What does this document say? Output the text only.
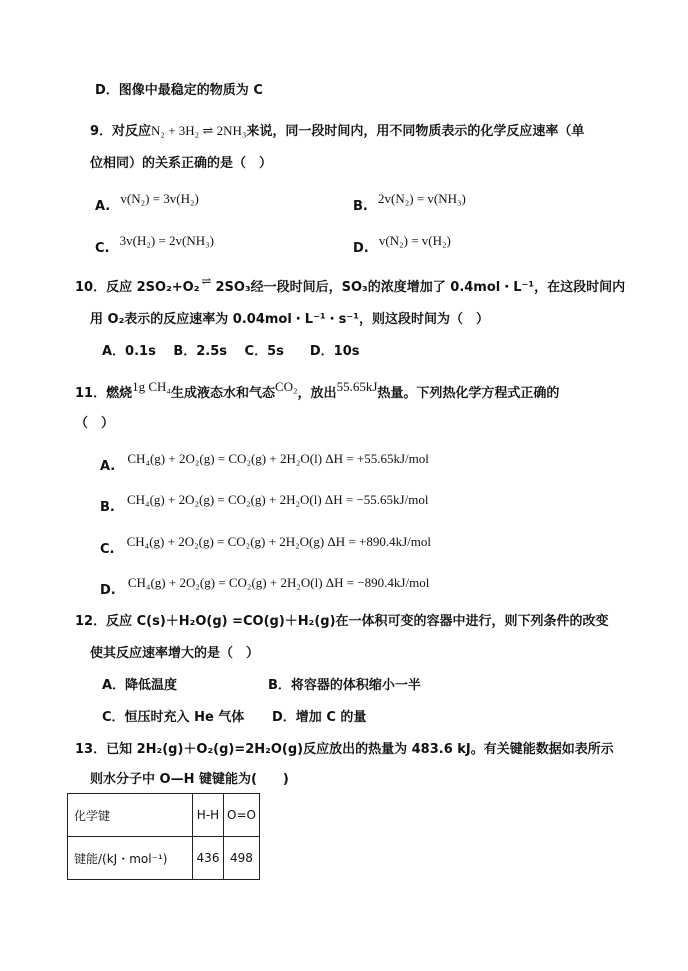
D．图像中最稳定的物质为 C
9．对反应N₂ + 3H₂ ⇌ 2NH₃来说，同一段时间内，用不同物质表示的化学反应速率（单
位相同）的关系正确的是（　）
A. v(N₂) = 3v(H₂)
B. 2v(N₂) = v(NH₃)
C. 3v(H₂) = 2v(NH₃)
D. v(N₂) = v(H₂)
10．反应 2SO₂+O₂ ⇌ 2SO₃经一段时间后，SO₃的浓度增加了 0.4mol・L⁻¹，在这段时间内
用 O₂表示的反应速率为 0.04mol・L⁻¹・s⁻¹，则这段时间为（　）
A．0.1s　 B．2.5s　 C．5s　　D．10s
11．燃烧1g CH₄生成液态水和气态CO₂，放出55.65kJ热量。下列热化学方程式正确的
（　）
A. CH₄(g) + 2O₂(g) = CO₂(g) + 2H₂O(l) ΔH = +55.65kJ/mol
B. CH₄(g) + 2O₂(g) = CO₂(g) + 2H₂O(l) ΔH = −55.65kJ/mol
C. CH₄(g) + 2O₂(g) = CO₂(g) + 2H₂O(g) ΔH = +890.4kJ/mol
D. CH₄(g) + 2O₂(g) = CO₂(g) + 2H₂O(l) ΔH = −890.4kJ/mol
12．反应 C(s)＋H₂O(g) =CO(g)＋H₂(g)在一体积可变的容器中进行，则下列条件的改变
使其反应速率增大的是（　）
A．降低温度	B．将容器的体积缩小一半
C．恒压时充入 He 气体 D．增加 C 的量
13．已知 2H₂(g)＋O₂(g)=2H₂O(g)反应放出的热量为 483.6 kJ。有关键能数据如表所示
则水分子中 O—H 键键能为(　　)
化学键	H-H	O=O
键能/(kJ・mol⁻¹)	436	498
